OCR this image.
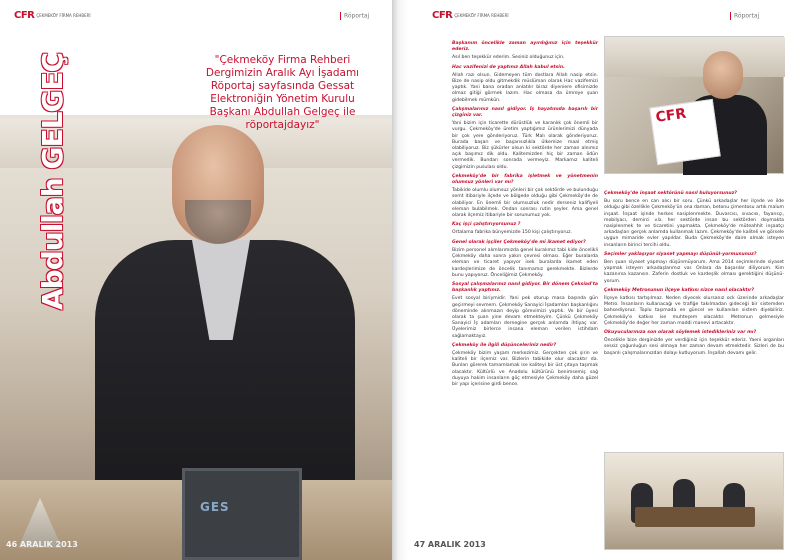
GES
CFR ÇEKMEKÖY FİRMA REHBERİ	Röportaj
Abdullah GELGEÇ	"Çekmeköy Firma Rehberi Dergimizin Aralık Ayı İşadamı Röportaj sayfasında Gessat Elektroniğin Yönetim Kurulu Başkanı Abdullah Gelgeç ile röportajdayız"
46 ARALIK 2013
CFR ÇEKMEKÖY FİRMA REHBERİ	Röportaj

Başkanım öncelikle zaman ayırdığınız için teşekkür ederiz.

Asıl ben teşekkür ederim. Sesiniz olduğunuz için.

Hac vazifenizi de yaptınız Allah kabul etsin.

Allah razı olsun. Gidemeyen tüm dostlara Allah nasip etsin. Bize de nasip oldu gitmekdik müslüman olarak Hac vazifemizi yaptık. Yani bana oradan anlatılır biraz diyeniere ofisimizde olmaz gitiği görmek lazım. Hac olmasa da ümreye şuan gidebilmek mümkün.

Çalışmalarınız nasıl gidiyor. İş hayatınıda başarılı bir çizginiz var.

Yani bizim için ticarette dürüstlük ve karanlık çok önemli bir vurgu. Çekmeköy'de üretim yaptığımız ürünlerimizi dünyada bir çok yere gönderiyoruz. Türk Malı olarak gönderiyoruz. Burada başarı ve başarısızlıkla ülkemize maal etmiş olabiliyoruz. Biz şükürler olsun ki sektörde her zaman alnımız açık başımız dik oldu. Kalitemizden hiç bir zaman ödün vermedik. Bundan sonrada vermeyiz. Markamız kaliteli çizgimizin pusulası oldu.

Çekmeköy'de bir fabrika işletmek ve yönetmenin olumsuz yönleri var mı?

Tabikide olumlu olumsuz yönleri bir çok sektörde ve bulunduğu semt itibariyle ilçede ve bölgede olduğu gibi Çekmeköy'de de olabiliyor. En önemli bir olumsuzluk nedir derseniz kalifiyeli eleman bulabilmek. Ondan sonrası rutin şeyler. Ama genel olarak ilçemiz itibariyle bir sorunumuz yok.

Kaç işçi çalıştırıyorsunuz ?

Ortalama fabrika bünyemizde 150 kişi çalıştırıyoruz.

Genel olarak işçiler Çekmeköy'de mi ikamet ediyor?

Bizim personel alımlarımızda genel kuralımız tabi kide öncelikli Çekmeköy daha sonra yakın çevresi olması. Eğer buralarda eleman ve ticaret yapıyor isek buralarda ikamet eden kardeşlerimize de öncelik tanımamız gerekmekte. Bizlerde bunu yapıyoruz. Önceliğimiz Çekmeköy.

Sosyal çalışmalarınız nasıl gidiyor. Bir dönem Çeksiad'ta başkanlık yaptınız.

Evet sosyal biriymidir. Yani pek oturup masa başında gün geçirmeyi sevmem. Çekmeköy Sanayici İşadamları başkanlığını döneminde alınmazın deyip görevimizi yaptık. Ve bir üyesi olarak ta şuan yine devam etmekteyim. Çünkü Çekmeköy Sanayici İş adamları dernegine gerçek anlamda ihtiyaç var. Üyelerimiz birlerce insana eleman verilen istihdam sağlamaktayız.

Çekmeköy ile ilgili düşünceleriniz nedir?

Çekmeköy bizim yaşam merkezimiz. Gerçekten çok şirin ve kaliteli bir ilçemiz var. Bizlerin tabikide olur olacaktır da. Bunları görerek tamamlamak ise kaliteyi bir üst çıtaya taşımak olacaktır. Kültürlü ve Anadolu kültürünü benimsemiş sağ duyuya hakim insanların göç etmesiyle Çekmeköy daha güzel bir yapı içerisine girdi bence.

CFR

Çekmeköy'de inşaat sektörünü nasıl buluyorsunuz?

Bu soru bence en can alıcı bir soru. Çünkü arkadaşlar her ilçede ve ilde olduğu gibi özellikle Çekmeköy'ün ona daman, betonu çimentosu artık malum inşaat. İnşaat işinde herkes nasiplenmekte. Duvarcısı, sıvacısı, fayansçı, mobilyacı, demirci v.b. her sektörde insan bu sektörden doymakta nasiplenmek te ve ticaretini yapmakta. Çekmeköy'de müteahhit inşaatçı arkadaşları gerçek anlamda kullanmak lazım. Çekmeköy'de kaliteli ve görsele uygun mimaride evler yapıldar. Buda Çekmeköy'de daire almak isteyen insanların birinci tercihi oldu.

Seçimler yaklaşıyor siyaset yapmayı düşünül-yormusunuz?

Ben şuan siyaset yapmayı düşünmüyorum. Ama 2014 seçimlerinde siyaset yapmak isteyen arkadaşlarımız var. Onlara da başarılar diliyorum. Kim kazanırsa kazansın. Zaferin dostluk ve kardeşlik olması gerektiğini düşünü-yorum.

Çekmeköy Metrosunun ilçeye katkısı sizce nasıl olacaktır?

İlçeye katkısı tartışılmaz. Neden diyecek olursanız ock üzerinde arkadaşlar Metro. İnsanların kullanacağı ve trafiğe takılmadan gideceği bir sistemden bahsediyoruz. Toplu taşımada en güncel ve kullanılan sistem diyebiliriz. Çekmeköy'e katkısı ise muhteşem olacaktır. Metronun gelmesiyle Çekmeköy'de değer her zaman maddi manevi artacaktır.

Okuyucularınıza son olarak söylemek istedikleriniz var mı?

Öncelikle bize derginizde yer verdiğiniz için teşekkür ederiz. Yaeni organları sessiz çoğunluğun sesi olmaya her zaman devam etmektedir. Sizleri de bu başarılı çalışmalarınızdan dolayı kutluyorum. İnşallah devamı gelir.

47 ARALIK 2013
